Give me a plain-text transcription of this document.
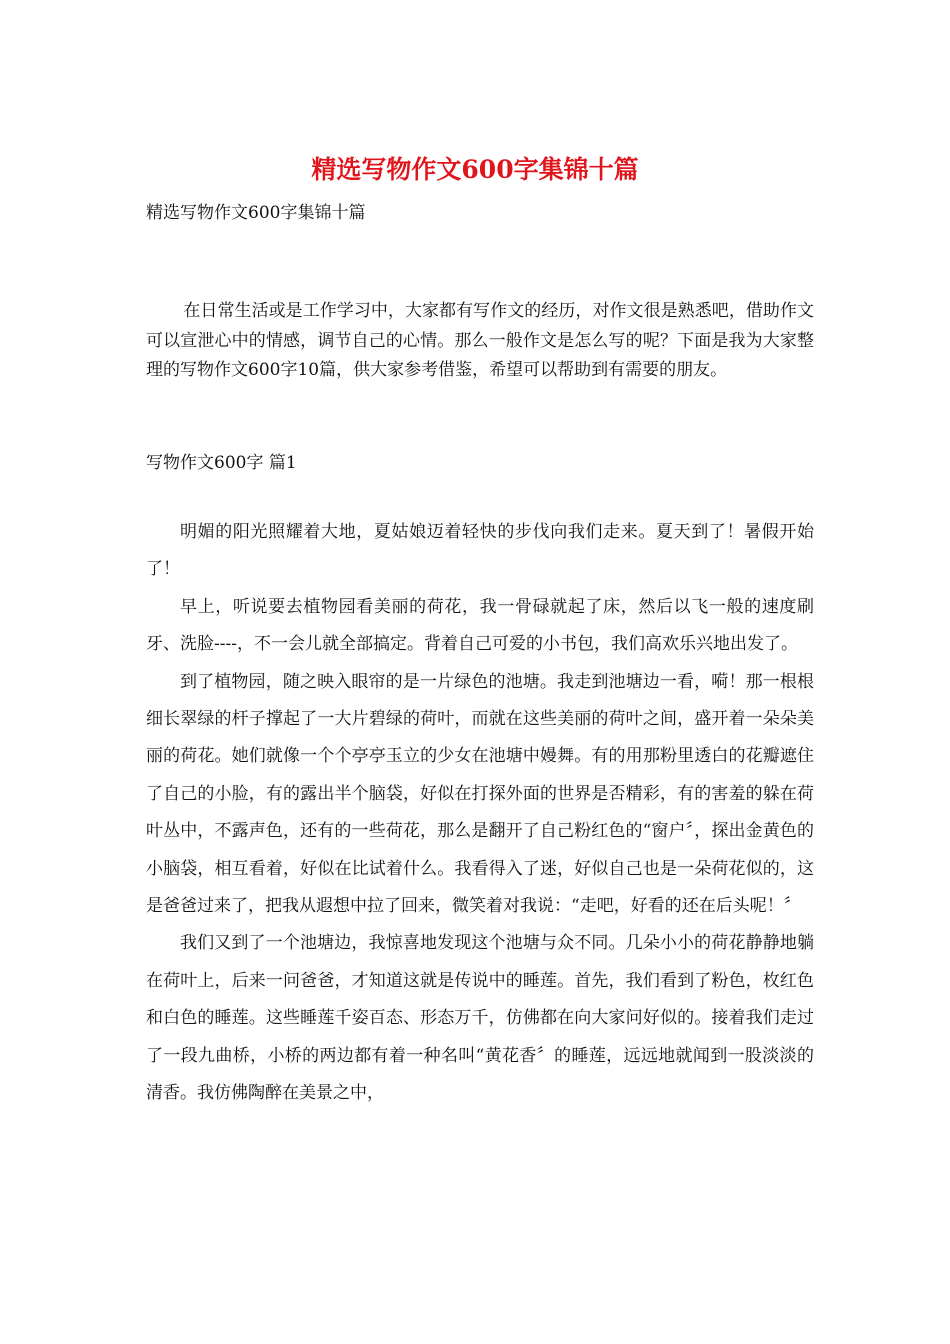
精选写物作文600字集锦十篇

精选写物作文600字集锦十篇

在日常生活或是工作学习中，大家都有写作文的经历，对作文很是熟悉吧，借助作文可以宣泄心中的情感，调节自己的心情。那么一般作文是怎么写的呢？下面是我为大家整理的写物作文600字10篇，供大家参考借鉴，希望可以帮助到有需要的朋友。

写物作文600字 篇1

明媚的阳光照耀着大地，夏姑娘迈着轻快的步伐向我们走来。夏天到了！暑假开始了！

早上，听说要去植物园看美丽的荷花，我一骨碌就起了床，然后以飞一般的速度刷牙、洗脸----，不一会儿就全部搞定。背着自己可爱的小书包，我们高欢乐兴地出发了。

到了植物园，随之映入眼帘的是一片绿色的池塘。我走到池塘边一看，嗬！那一根根细长翠绿的杆子撑起了一大片碧绿的荷叶，而就在这些美丽的荷叶之间，盛开着一朵朵美丽的荷花。她们就像一个个亭亭玉立的少女在池塘中嫚舞。有的用那粉里透白的花瓣遮住了自己的小脸，有的露出半个脑袋，好似在打探外面的世界是否精彩，有的害羞的躲在荷叶丛中，不露声色，还有的一些荷花，那么是翻开了自己粉红色的“窗户〞，探出金黄色的小脑袋，相互看着，好似在比试着什么。我看得入了迷，好似自己也是一朵荷花似的，这是爸爸过来了，把我从遐想中拉了回来，微笑着对我说：“走吧，好看的还在后头呢！〞

我们又到了一个池塘边，我惊喜地发现这个池塘与众不同。几朵小小的荷花静静地躺在荷叶上，后来一问爸爸，才知道这就是传说中的睡莲。首先，我们看到了粉色，枚红色和白色的睡莲。这些睡莲千姿百态、形态万千，仿佛都在向大家问好似的。接着我们走过了一段九曲桥，小桥的两边都有着一种名叫“黄花香〞的睡莲，远远地就闻到一股淡淡的清香。我仿佛陶醉在美景之中，
